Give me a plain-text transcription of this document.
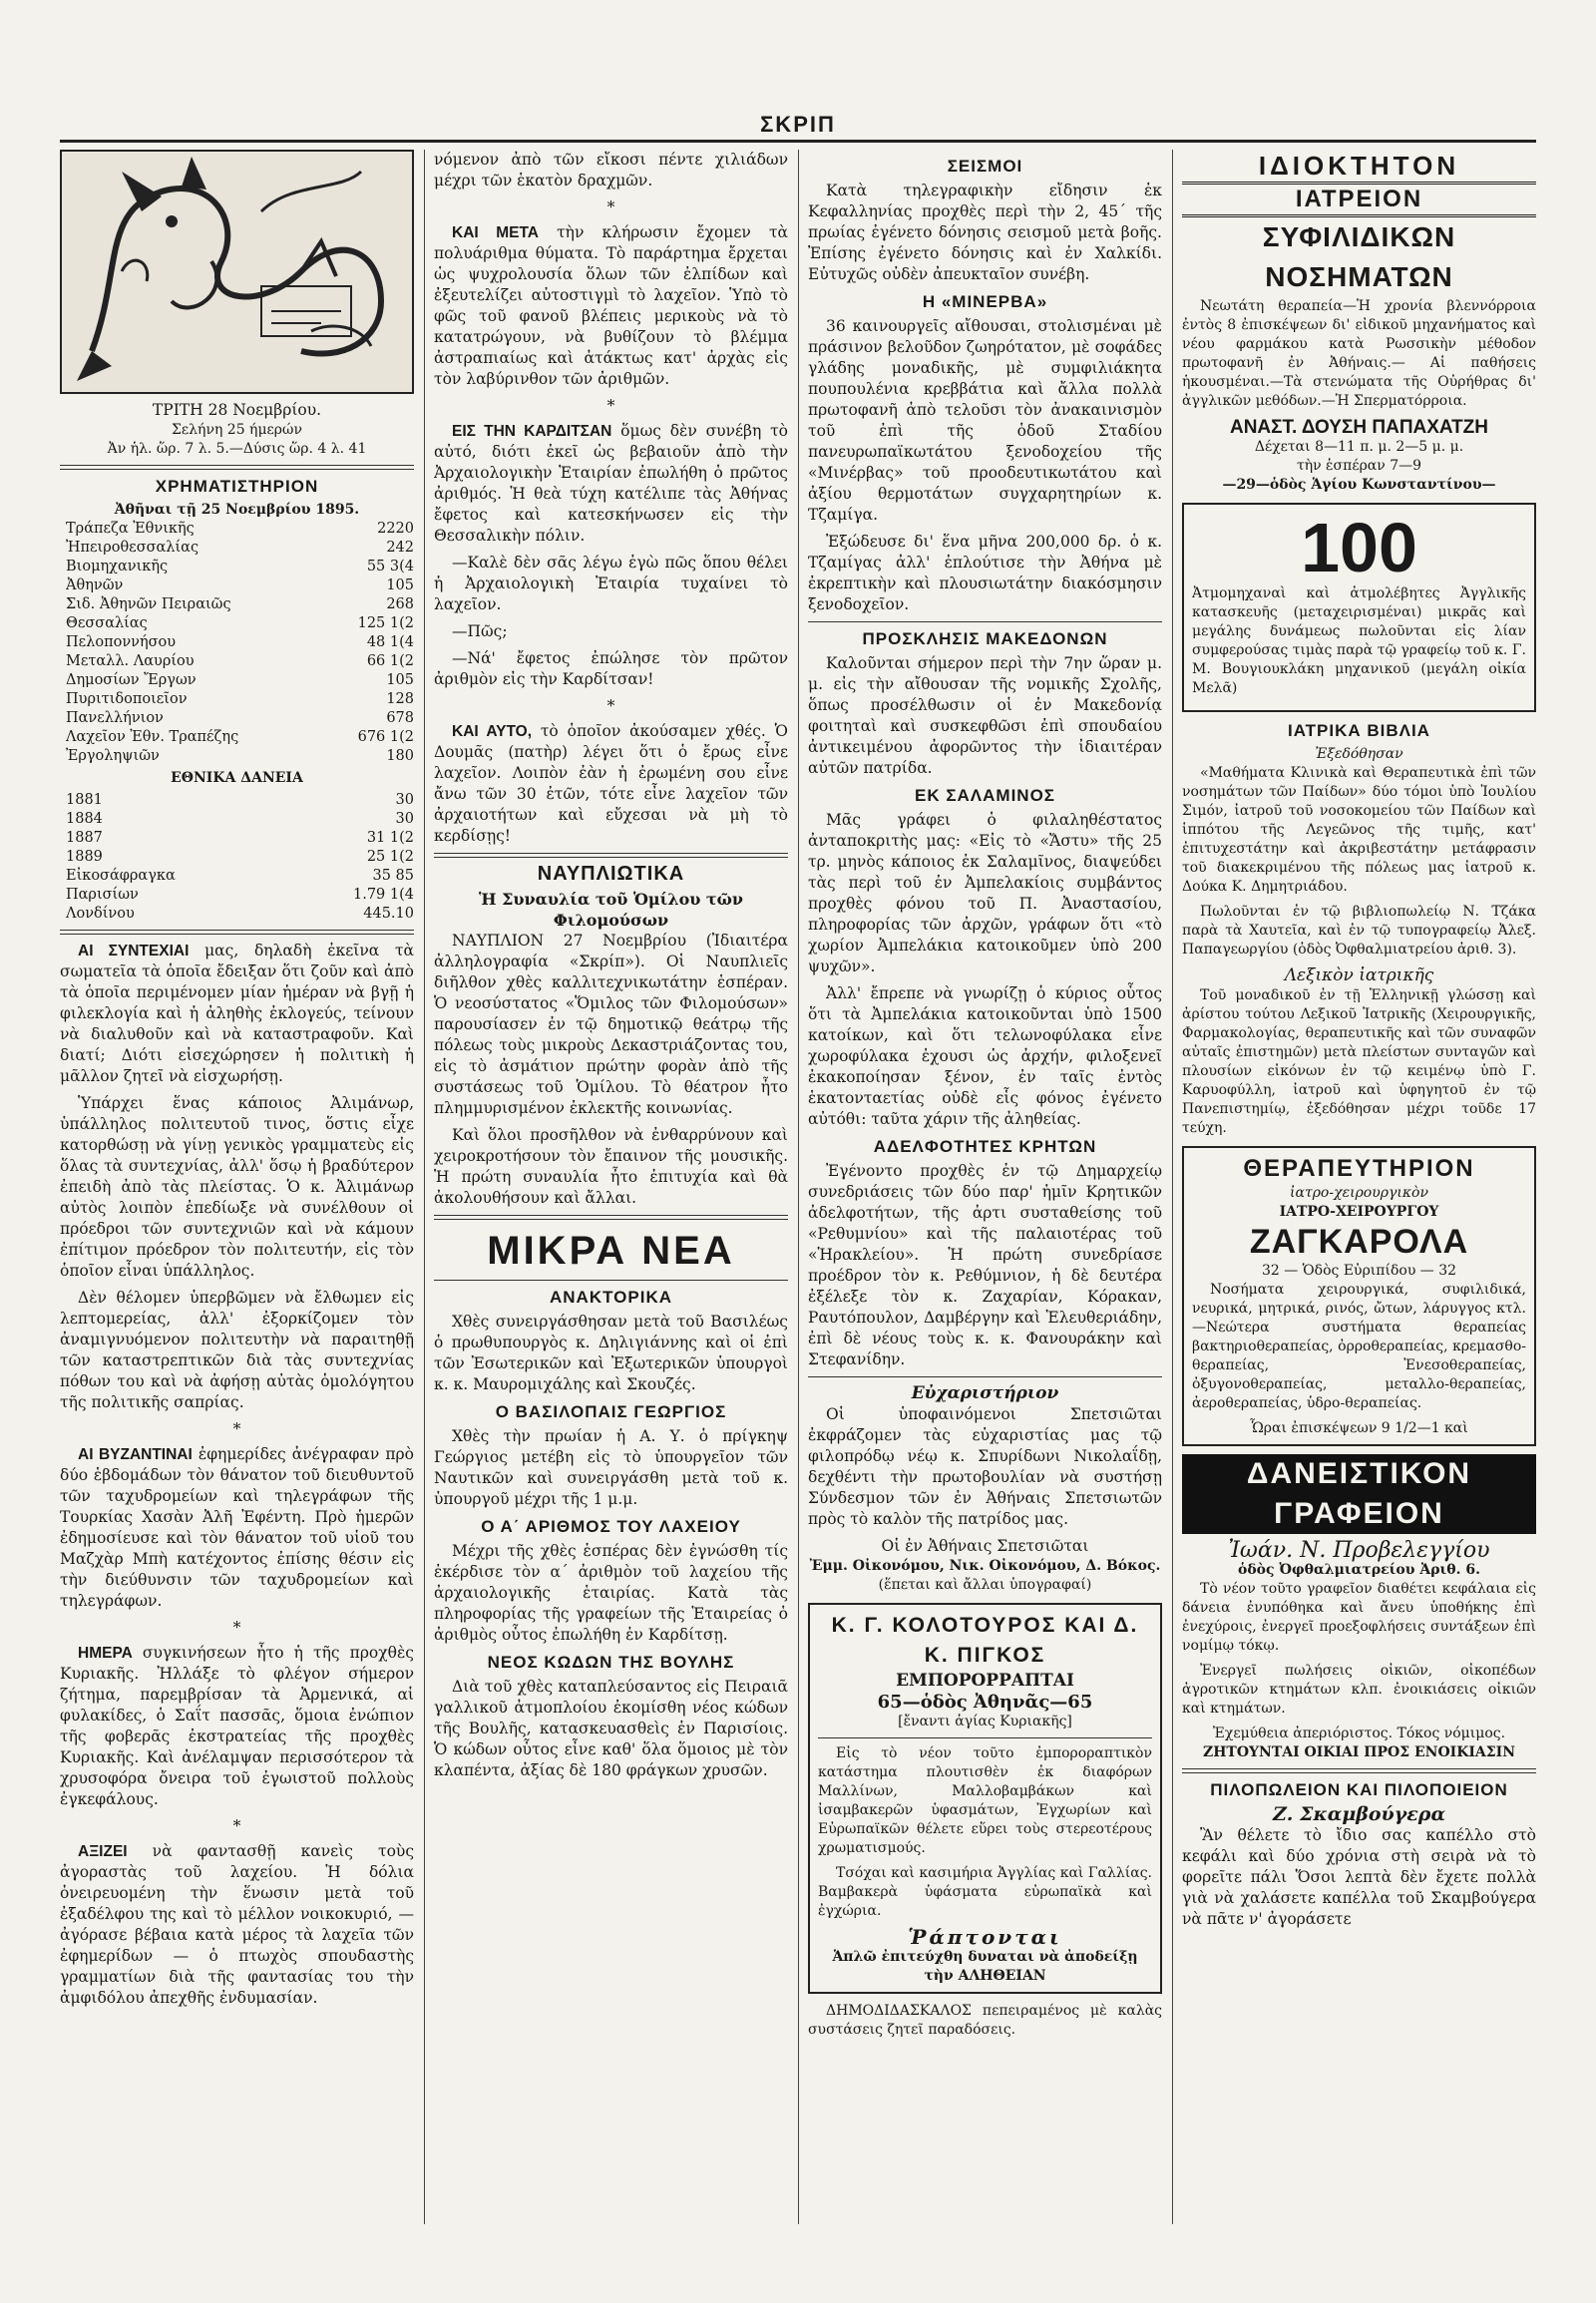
ΣΚΡΙΠ
ΤΡΙΤΗ 28 Νοεμβρίου.
Σελήνη 25 ήμερών
Ἀν ἡλ. ὥρ. 7 λ. 5.—Δύσις ὥρ. 4 λ. 41
ΧΡΗΜΑΤΙΣΤΗΡΙΟΝ
Ἀθῆναι τῇ 25 Νοεμβρίου 1895.
Τράπεζα Ἐθνικῆς	2220
Ἠπειροθεσσαλίας	242
Βιομηχανικῆς	55 3(4
Ἀθηνῶν	105
Σιδ. Ἀθηνῶν Πειραιῶς	268
Θεσσαλίας	125 1(2
Πελοποννήσου	48 1(4
Μεταλλ. Λαυρίου	66 1(2
Δημοσίων Ἔργων	105
Πυριτιδοποιεῖον	128
Πανελλήνιον	678
Λαχεῖον Ἐθν. Τραπέζης	676 1(2
Ἐργοληψιῶν	180
ΕΘΝΙΚΑ ΔΑΝΕΙΑ
1881	30
1884	30
1887	31 1(2
1889	25 1(2
Εἰκοσάφραγκα	35 85
Παρισίων	1.79 1(4
Λονδίνου	445.10

ΑΙ ΣΥΝΤΕΧΙΑΙ μας, δηλαδὴ ἐκεῖνα τὰ σωματεῖα τὰ ὁποῖα ἔδειξαν ὅτι ζοῦν καὶ ἀπὸ τὰ ὁποῖα περιμένομεν μίαν ἡμέραν νὰ βγῇ ἡ φιλεκλογία καὶ ἡ ἀληθὴς ἐκλογεύς, τείνουν νὰ διαλυθοῦν καὶ νὰ καταστραφοῦν. Καὶ διατί; Διότι εἰσεχώρησεν ἡ πολιτικὴ ἡ μᾶλλον ζητεῖ νὰ εἰσχωρήσῃ.

Ὑπάρχει ἕνας κάποιος Ἀλιμάνωρ, ὑπάλληλος πολιτευτοῦ τινος, ὅστις εἶχε κατορθώσῃ νὰ γίνῃ γενικὸς γραμματεὺς εἰς ὅλας τὰ συντεχνίας, ἀλλ' ὅσῳ ἡ βραδύτερον ἐπειδὴ ἀπὸ τὰς πλείστας. Ὁ κ. Ἀλιμάνωρ αὐτὸς λοιπὸν ἐπεδίωξε νὰ συνέλθουν οἱ πρόεδροι τῶν συντεχνιῶν καὶ νὰ κάμουν ἐπίτιμον πρόεδρον τὸν πολιτευτήν, εἰς τὸν ὁποῖον εἶναι ὑπάλληλος.

Δὲν θέλομεν ὑπερβῶμεν νὰ ἔλθωμεν εἰς λεπτομερείας, ἀλλ' ἐξορκίζομεν τὸν ἀναμιγνυόμενον πολιτευτὴν νὰ παραιτηθῇ τῶν καταστρεπτικῶν διὰ τὰς συντεχνίας πόθων του καὶ νὰ ἀφήσῃ αὐτὰς ὁμολόγητου τῆς πολιτικῆς σαπρίας.

*

ΑΙ ΒΥΖΑΝΤΙΝΑΙ ἐφημερίδες ἀνέγραφαν πρὸ δύο ἑβδομάδων τὸν θάνατον τοῦ διευθυντοῦ τῶν ταχυδρομείων καὶ τηλεγράφων τῆς Τουρκίας Χασὰν Ἀλῆ Ἐφέντη. Πρὸ ἡμερῶν ἐδημοσίευσε καὶ τὸν θάνατον τοῦ υἱοῦ του Μαζχὰρ Μπὴ κατέχοντος ἐπίσης θέσιν εἰς τὴν διεύθυνσιν τῶν ταχυδρομείων καὶ τηλεγράφων.

*

ΗΜΕΡΑ συγκινήσεων ἦτο ἡ τῆς προχθὲς Κυριακῆς. Ἠλλάξε τὸ φλέγον σήμερον ζήτημα, παρεμβρίσαν τὰ Ἀρμενικά, αἱ φυλακίδες, ὁ Σαΐτ πασσᾶς, ὅμοια ἐνώπιον τῆς φοβερᾶς ἐκστρατείας τῆς προχθὲς Κυριακῆς. Καὶ ἀνέλαμψαν περισσότερον τὰ χρυσοφόρα ὄνειρα τοῦ ἐγωιστοῦ πολλοὺς ἐγκεφάλους.

*

ΑΞΙΖΕΙ νὰ φαντασθῇ κανεὶς τοὺς ἀγοραστὰς τοῦ λαχείου. Ἡ δόλια ὀνειρευομένη τὴν ἕνωσιν μετὰ τοῦ ἐξαδέλφου της καὶ τὸ μέλλον νοικοκυριό, —ἀγόρασε βέβαια κατὰ μέρος τὰ λαχεῖα τῶν ἐφημερίδων — ὁ πτωχὸς σπουδαστὴς γραμματίων διὰ τῆς φαντασίας του τὴν ἀμφιδόλου ἀπεχθῆς ἐνδυμασίαν.

νόμενον ἀπὸ τῶν εἴκοσι πέντε χιλιάδων μέχρι τῶν ἑκατὸν δραχμῶν.

*

ΚΑΙ ΜΕΤΑ τὴν κλήρωσιν ἔχομεν τὰ πολυάριθμα θύματα. Τὸ παράρτημα ἔρχεται ὡς ψυχρολουσία ὅλων τῶν ἐλπίδων καὶ ἐξευτελίζει αὐτοστιγμὶ τὸ λαχεῖον. Ὑπὸ τὸ φῶς τοῦ φανοῦ βλέπεις μερικοὺς νὰ τὸ κατατρώγουν, νὰ βυθίζουν τὸ βλέμμα ἀστραπιαίως καὶ ἀτάκτως κατ' ἀρχὰς εἰς τὸν λαβύρινθον τῶν ἀριθμῶν.

*

ΕΙΣ ΤΗΝ ΚΑΡΔΙΤΣΑΝ ὅμως δὲν συνέβη τὸ αὐτό, διότι ἐκεῖ ὡς βεβαιοῦν ἀπὸ τὴν Ἀρχαιολογικὴν Ἑταιρίαν ἐπωλήθη ὁ πρῶτος ἀριθμός. Ἡ θεὰ τύχη κατέλιπε τὰς Ἀθήνας ἔφετος καὶ κατεσκήνωσεν εἰς τὴν Θεσσαλικὴν πόλιν.

—Καλὲ δὲν σᾶς λέγω ἐγὼ πῶς ὅπου θέλει ἡ Ἀρχαιολογικὴ Ἑταιρία τυχαίνει τὸ λαχεῖον.

—Πῶς;

—Νά' ἔφετος ἐπώλησε τὸν πρῶτον ἀριθμὸν εἰς τὴν Καρδίτσαν!

*

ΚΑΙ ΑΥΤΟ, τὸ ὁποῖον ἀκούσαμεν χθές. Ὁ Δουμᾶς (πατὴρ) λέγει ὅτι ὁ ἔρως εἶνε λαχεῖον. Λοιπὸν ἐὰν ἡ ἐρωμένη σου εἶνε ἄνω τῶν 30 ἐτῶν, τότε εἶνε λαχεῖον τῶν ἀρχαιοτήτων καὶ εὔχεσαι νὰ μὴ τὸ κερδίσῃς!

ΝΑΥΠΛΙΩΤΙΚΑ
Ἡ Συναυλία τοῦ Ὁμίλου τῶν Φιλομούσων

ΝΑΥΠΛΙΟΝ 27 Νοεμβρίου (Ἰδιαιτέρα ἀλληλογραφία «Σκρίπ»). Οἱ Ναυπλιεῖς διῆλθον χθὲς καλλιτεχνικωτάτην ἑσπέραν. Ὁ νεοσύστατος «Ὅμιλος τῶν Φιλομούσων» παρουσίασεν ἐν τῷ δημοτικῷ θεάτρῳ τῆς πόλεως τοὺς μικροὺς Δεκαστριάζοντας του, εἰς τὸ ἀσμάτιον πρώτην φορὰν ἀπὸ τῆς συστάσεως τοῦ Ὁμίλου. Τὸ θέατρον ἦτο πλημμυρισμένον ἐκλεκτῆς κοινωνίας.

Καὶ ὅλοι προσῆλθον νὰ ἐνθαρρύνουν καὶ χειροκροτήσουν τὸν ἔπαινον τῆς μουσικῆς. Ἡ πρώτη συναυλία ἦτο ἐπιτυχία καὶ θὰ ἀκολουθήσουν καὶ ἄλλαι.

ΜΙΚΡΑ ΝΕΑ
ΑΝΑΚΤΟΡΙΚΑ

Χθὲς συνειργάσθησαν μετὰ τοῦ Βασιλέως ὁ πρωθυπουργὸς κ. Δηλιγιάννης καὶ οἱ ἐπὶ τῶν Ἐσωτερικῶν καὶ Ἐξωτερικῶν ὑπουργοὶ κ. κ. Μαυρομιχάλης καὶ Σκουζές.

Ο ΒΑΣΙΛΟΠΑΙΣ ΓΕΩΡΓΙΟΣ

Χθὲς τὴν πρωίαν ἡ Α. Υ. ὁ πρίγκηψ Γεώργιος μετέβη εἰς τὸ ὑπουργεῖον τῶν Ναυτικῶν καὶ συνειργάσθη μετὰ τοῦ κ. ὑπουργοῦ μέχρι τῆς 1 μ.μ.

Ο Α΄ ΑΡΙΘΜΟΣ ΤΟΥ ΛΑΧΕΙΟΥ

Μέχρι τῆς χθὲς ἑσπέρας δὲν ἐγνώσθη τίς ἐκέρδισε τὸν α΄ ἀριθμὸν τοῦ λαχείου τῆς ἀρχαιολογικῆς ἑταιρίας. Κατὰ τὰς πληροφορίας τῆς γραφείων τῆς Ἑταιρείας ὁ ἀριθμὸς οὗτος ἐπωλήθη ἐν Καρδίτσῃ.

ΝΕΟΣ ΚΩΔΩΝ ΤΗΣ ΒΟΥΛΗΣ

Διὰ τοῦ χθὲς καταπλεύσαντος εἰς Πειραιᾶ γαλλικοῦ ἀτμοπλοίου ἐκομίσθη νέος κώδων τῆς Βουλῆς, κατασκευασθεὶς ἐν Παρισίοις. Ὁ κώδων οὗτος εἶνε καθ' ὅλα ὅμοιος μὲ τὸν κλαπέντα, ἀξίας δὲ 180 φράγκων χρυσῶν.

ΣΕΙΣΜΟΙ

Κατὰ τηλεγραφικὴν εἴδησιν ἐκ Κεφαλληνίας προχθὲς περὶ τὴν 2, 45΄ τῆς πρωίας ἐγένετο δόνησις σεισμοῦ μετὰ βοῆς. Ἐπίσης ἐγένετο δόνησις καὶ ἐν Χαλκίδι. Εὐτυχῶς οὐδὲν ἀπευκταῖον συνέβη.

Η «ΜΙΝΕΡΒΑ»

36 καινουργεῖς αἴθουσαι, στολισμέναι μὲ πράσινον βελοῦδον ζωηρότατον, μὲ σοφάδες γλάδης μοναδικῆς, μὲ συμφιλιάκητα πουπουλένια κρεββάτια καὶ ἄλλα πολλὰ πρωτοφανῆ ἀπὸ τελοῦσι τὸν ἀνακαινισμὸν τοῦ ἐπὶ τῆς ὁδοῦ Σταδίου πανευρωπαϊκωτάτου ξενοδοχείου τῆς «Μινέρβας» τοῦ προοδευτικωτάτου καὶ ἀξίου θερμοτάτων συγχαρητηρίων κ. Τζαμίγα.

Ἐξώδευσε δι' ἕνα μῆνα 200,000 δρ. ὁ κ. Τζαμίγας ἀλλ' ἐπλούτισε τὴν Ἀθήνα μὲ ἐκρεπτικὴν καὶ πλουσιωτάτην διακόσμησιν ξενοδοχεῖον.

ΠΡΟΣΚΛΗΣΙΣ ΜΑΚΕΔΟΝΩΝ

Καλοῦνται σήμερον περὶ τὴν 7ην ὥραν μ. μ. εἰς τὴν αἴθουσαν τῆς νομικῆς Σχολῆς, ὅπως προσέλθωσιν οἱ ἐν Μακεδονίᾳ φοιτηταὶ καὶ συσκεφθῶσι ἐπὶ σπουδαίου ἀντικειμένου ἀφορῶντος τὴν ἰδιαιτέραν αὐτῶν πατρίδα.

ΕΚ ΣΑΛΑΜΙΝΟΣ

Μᾶς γράφει ὁ φιλαληθέστατος ἀνταποκριτὴς μας: «Εἰς τὸ «Ἄστυ» τῆς 25 τρ. μηνὸς κάποιος ἐκ Σαλαμῖνος, διαψεύδει τὰς περὶ τοῦ ἐν Ἀμπελακίοις συμβάντος προχθὲς φόνου τοῦ Π. Ἀναστασίου, πληροφορίας τῶν ἀρχῶν, γράφων ὅτι «τὸ χωρίον Ἀμπελάκια κατοικοῦμεν ὑπὸ 200 ψυχῶν».

Ἀλλ' ἔπρεπε νὰ γνωρίζῃ ὁ κύριος οὗτος ὅτι τὰ Ἀμπελάκια κατοικοῦνται ὑπὸ 1500 κατοίκων, καὶ ὅτι τελωνοφύλακα εἶνε χωροφύλακα ἐχουσι ὡς ἀρχήν, φιλοξενεῖ ἐκακοποίησαν ξένον, ἐν ταῖς ἐντὸς ἑκατονταετίας οὐδὲ εἷς φόνος ἐγένετο αὐτόθι: ταῦτα χάριν τῆς ἀληθείας.

ΑΔΕΛΦΟΤΗΤΕΣ ΚΡΗΤΩΝ

Ἐγένοντο προχθὲς ἐν τῷ Δημαρχείῳ συνεδριάσεις τῶν δύο παρ' ἡμῖν Κρητικῶν ἀδελφοτήτων, τῆς ἀρτι συσταθείσης τοῦ «Ρεθυμνίου» καὶ τῆς παλαιοτέρας τοῦ «Ἡρακλείου». Ἡ πρώτη συνεδρίασε προέδρον τὸν κ. Ρεθύμνιον, ἡ δὲ δευτέρα ἐξέλεξε τὸν κ. Ζαχαρίαν, Κόρακαν, Ραυτόπουλον, Δαμβέργην καὶ Ἐλευθεριάδην, ἐπὶ δὲ νέους τοὺς κ. κ. Φανουράκην καὶ Στεφανίδην.

Εὐχαριστήριον

Οἱ ὑποφαινόμενοι Σπετσιῶται ἐκφράζομεν τὰς εὐχαριστίας μας τῷ φιλοπρόδῳ νέῳ κ. Σπυρίδωνι Νικολαΐδῃ, δεχθέντι τὴν πρωτοβουλίαν νὰ συστήσῃ Σύνδεσμον τῶν ἐν Ἀθήναις Σπετσιωτῶν πρὸς τὸ καλὸν τῆς πατρίδος μας.

Οἱ ἐν Ἀθήναις Σπετσιῶται
Ἐμμ. Οἰκονόμου, Νικ. Οἰκονόμου, Δ. Βόκος.
(ἕπεται καὶ ἄλλαι ὑπογραφαί)
Κ. Γ. ΚΟΛΟΤΟΥΡΟΣ ΚΑΙ Δ. Κ. ΠΙΓΚΟΣ
ΕΜΠΟΡΟΡΡΑΠΤΑΙ
65—ὁδὸς Ἀθηνᾶς—65
[ἔναντι ἁγίας Κυριακῆς]

Εἰς τὸ νέον τοῦτο ἐμποροραπτικὸν κατάστημα πλουτισθὲν ἐκ διαφόρων Μαλλίνων, Μαλλοβαμβάκων καὶ ἰσαμβακερῶν ὑφασμάτων, Ἐγχωρίων καὶ Εὐρωπαϊκῶν θέλετε εὕρει τοὺς στερεοτέρους χρωματισμούς.

Τσόχαι καὶ κασιμήρια Ἀγγλίας καὶ Γαλλίας. Βαμβακερὰ ὑφάσματα εὐρωπαϊκὰ καὶ ἐγχώρια.

Ῥάπτονται
Ἁπλῶ ἐπιτεύχθη δυναται νὰ ἀποδείξῃ τὴν ΑΛΗΘΕΙΑΝ

ΔΗΜΟΔΙΔΑΣΚΑΛΟΣ πεπειραμένος μὲ καλὰς συστάσεις ζητεῖ παραδόσεις.

ΙΔΙΟΚΤΗΤΟΝ
ΙΑΤΡΕΙΟΝ
ΣΥΦΙΛΙΔΙΚΩΝ ΝΟΣΗΜΑΤΩΝ

Νεωτάτη θεραπεία—Ἡ χρονία βλεννόρροια ἐντὸς 8 ἐπισκέψεων δι' εἰδικοῦ μηχανήματος καὶ νέου φαρμάκου κατὰ Ρωσσικὴν μέθοδον πρωτοφανῆ ἐν Ἀθήναις.— Αἱ παθήσεις ἡκουσμέναι.—Τὰ στενώματα τῆς Οὐρήθρας δι' ἀγγλικῶν μεθόδων.—Ἡ Σπερματόρροια.

ΑΝΑΣΤ. ΔΟΥΣΗ ΠΑΠΑΧΑΤΖΗ
Δέχεται 8—11 π. μ. 2—5 μ. μ.
τὴν ἑσπέραν 7—9
—29—ὁδὸς Ἁγίου Κωνσταντίνου—
100

Ἀτμομηχαναὶ καὶ ἀτμολέβητες Ἀγγλικῆς κατασκευῆς (μεταχειρισμέναι) μικρᾶς καὶ μεγάλης δυνάμεως πωλοῦνται εἰς λίαν συμφερούσας τιμὰς παρὰ τῷ γραφείῳ τοῦ κ. Γ. Μ. Βουγιουκλάκη μηχανικοῦ (μεγάλη οἰκία Μελᾶ)

ΙΑΤΡΙΚΑ ΒΙΒΛΙΑ
Ἐξεδόθησαν

«Μαθήματα Κλινικὰ καὶ Θεραπευτικὰ ἐπὶ τῶν νοσημάτων τῶν Παίδων» δύο τόμοι ὑπὸ Ἰουλίου Σιμόν, ἰατροῦ τοῦ νοσοκομείου τῶν Παίδων καὶ ἱππότου τῆς Λεγεῶνος τῆς τιμῆς, κατ' ἐπιτυχεστάτην καὶ ἀκριβεστάτην μετάφρασιν τοῦ διακεκριμένου τῆς πόλεως μας ἰατροῦ κ. Δούκα Κ. Δημητριάδου.

Πωλοῦνται ἐν τῷ βιβλιοπωλείῳ Ν. Τζάκα παρὰ τὰ Χαυτεῖα, καὶ ἐν τῷ τυπογραφείῳ Ἀλεξ. Παπαγεωργίου (ὁδὸς Ὀφθαλμιατρείου ἀριθ. 3).

Λεξικὸν ἰατρικῆς

Τοῦ μοναδικοῦ ἐν τῇ Ἑλληνικῇ γλώσσῃ καὶ ἀρίστου τούτου Λεξικοῦ Ἰατρικῆς (Χειρουργικῆς, Φαρμακολογίας, θεραπευτικῆς καὶ τῶν συναφῶν αὐταῖς ἐπιστημῶν) μετὰ πλείστων συνταγῶν καὶ πλουσίων εἰκόνων ἐν τῷ κειμένῳ ὑπὸ Γ. Καρυοφύλλη, ἰατροῦ καὶ ὑφηγητοῦ ἐν τῷ Πανεπιστημίῳ, ἐξεδόθησαν μέχρι τοῦδε 17 τεύχη.

ΘΕΡΑΠΕΥΤΗΡΙΟΝ
ἰατρο-χειρουργικὸν
ΙΑΤΡΟ-ΧΕΙΡΟΥΡΓΟΥ
ΖΑΓΚΑΡΟΛΑ
32 — Ὁδὸς Εὐριπίδου — 32

Νοσήματα χειρουργικά, συφιλιδικά, νευρικά, μητρικά, ρινός, ὤτων, λάρυγγος κτλ.—Νεώτερα συστήματα θεραπείας βακτηριοθεραπείας, ὀρροθεραπείας, κρεμασθο-θεραπείας, Ἐνεσοθεραπείας, ὀξυγονοθεραπείας, μεταλλο-θεραπείας, ἀεροθεραπείας, ὑδρο-θεραπείας.

Ὧραι ἐπισκέψεων 9 1/2—1 καὶ
ΔΑΝΕΙΣΤΙΚΟΝ ΓΡΑΦΕΙΟΝ
Ἰωάν. Ν. Προβελεγγίου
ὁδὸς Ὀφθαλμιατρείου Ἀριθ. 6.

Τὸ νέον τοῦτο γραφεῖον διαθέτει κεφάλαια εἰς δάνεια ἐνυπόθηκα καὶ ἄνευ ὑποθήκης ἐπὶ ἐνεχύροις, ἐνεργεῖ προεξοφλήσεις συντάξεων ἐπὶ νομίμῳ τόκῳ.

Ἐνεργεῖ πωλήσεις οἰκιῶν, οἰκοπέδων ἀγροτικῶν κτημάτων κλπ. ἐνοικιάσεις οἰκιῶν καὶ κτημάτων.

Ἐχεμύθεια ἀπεριόριστος. Τόκος νόμιμος.
ΖΗΤΟΥΝΤΑΙ ΟΙΚΙΑΙ ΠΡΟΣ ΕΝΟΙΚΙΑΣΙΝ
ΠΙΛΟΠΩΛΕΙΟΝ ΚΑΙ ΠΙΛΟΠΟΙΕΙΟΝ
Ζ. Σκαμβούγερα

Ἂν θέλετε τὸ ἴδιο σας καπέλλο στὸ κεφάλι καὶ δύο χρόνια στὴ σειρὰ νὰ τὸ φορεῖτε πάλι Ὅσοι λεπτὰ δὲν ἔχετε πολλὰ γιὰ νὰ χαλάσετε καπέλλα τοῦ Σκαμβούγερα νὰ πᾶτε ν' ἀγοράσετε
